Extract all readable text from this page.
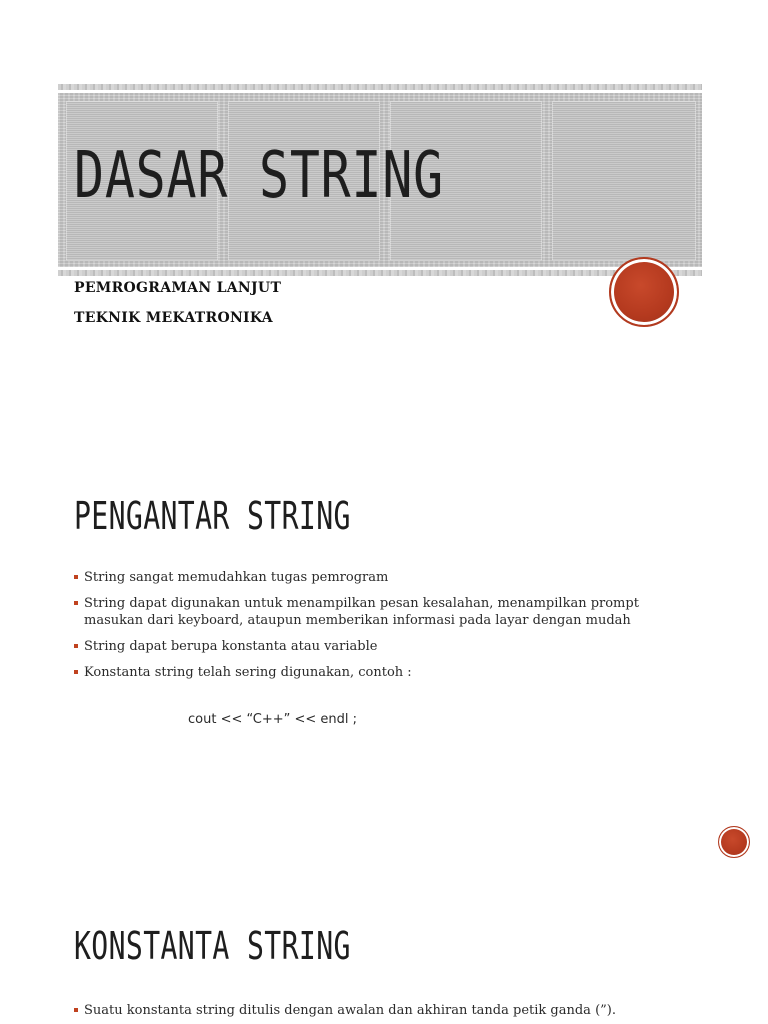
DASAR STRING

PEMROGRAMAN LANJUT

TEKNIK MEKATRONIKA

PENGANTAR STRING
String sangat memudahkan tugas pemrogram
String dapat digunakan untuk menampilkan pesan kesalahan, menampilkan prompt masukan dari keyboard, ataupun memberikan informasi pada layar dengan mudah
String dapat berupa konstanta atau variable
Konstanta string telah sering digunakan, contoh :

cout << “C++” << endl ;

KONSTANTA STRING
Suatu konstanta string ditulis dengan awalan dan akhiran tanda petik ganda (”).
